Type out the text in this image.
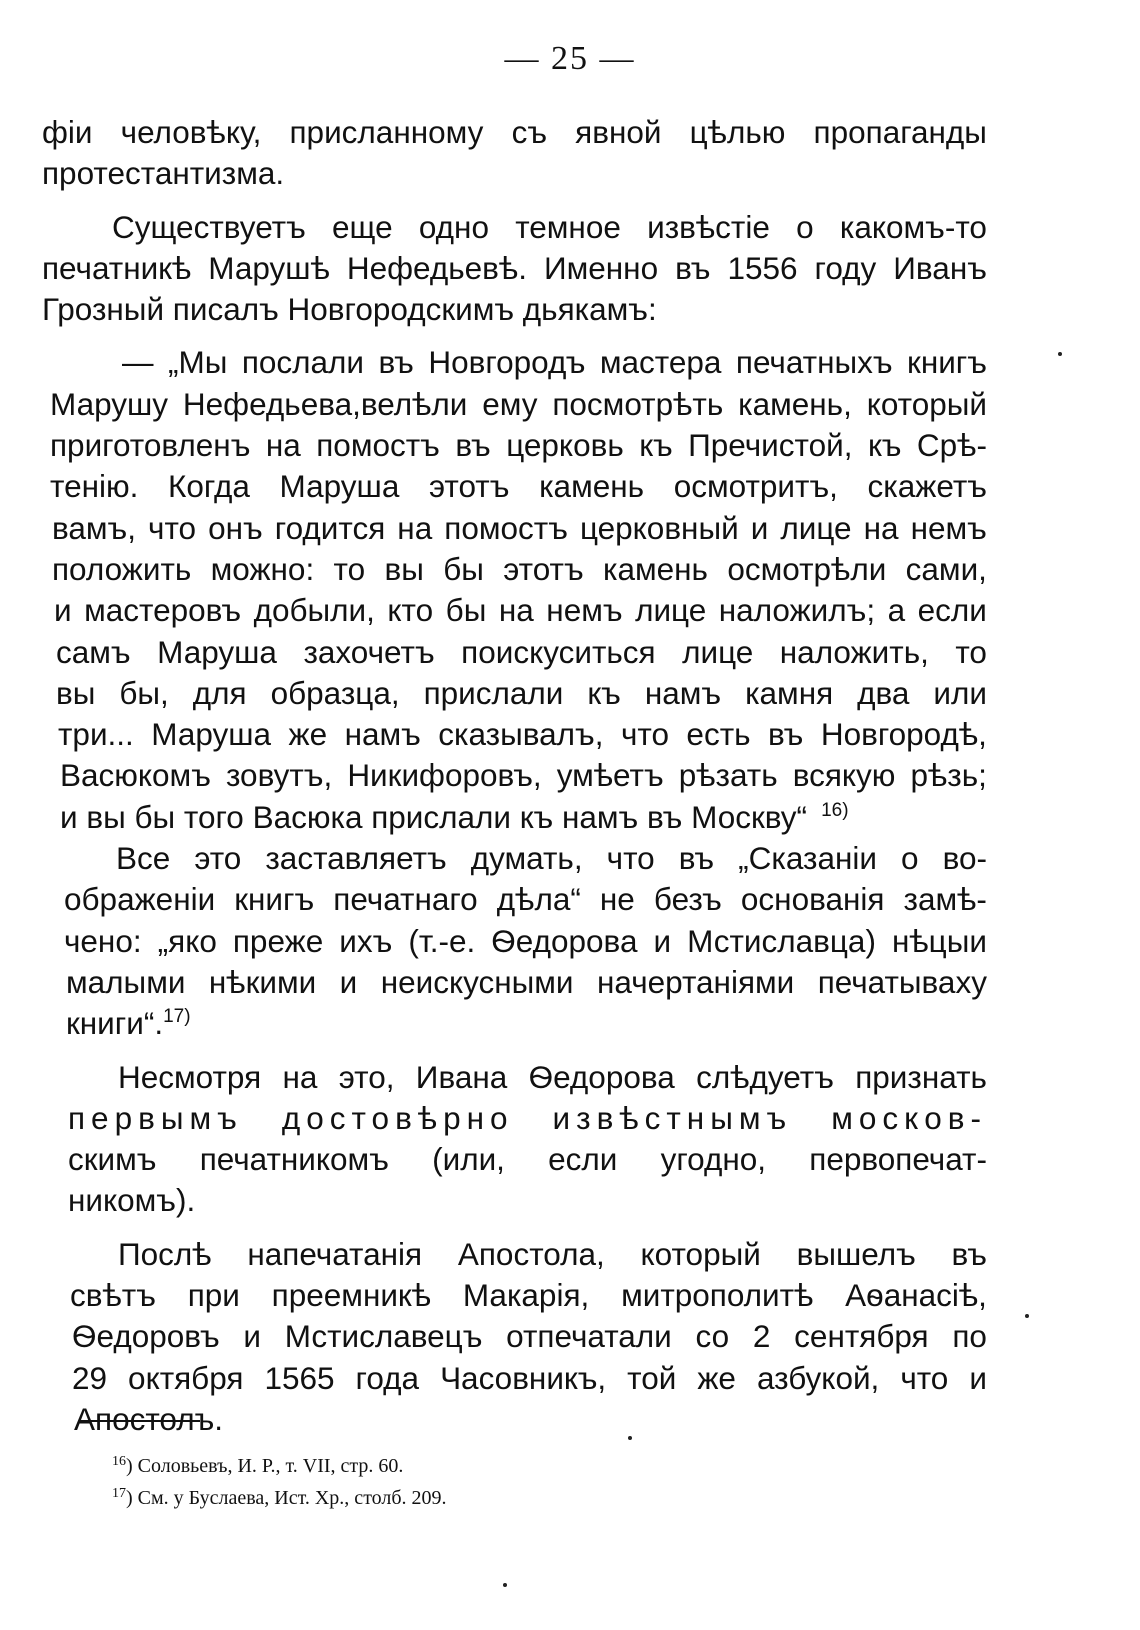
— 25 —
фіи человѣку, присланному съ явной цѣлью пропаганды
протестантизма.
Существуетъ еще одно темное извѣстіе о какомъ-то
печатникѣ Марушѣ Нефедьевѣ. Именно въ 1556 году Иванъ
Грозный писалъ Новгородскимъ дьякамъ:
— „Мы послали въ Новгородъ мастера печатныхъ книгъ
Марушу Нефедьева,велѣли ему посмотрѣть камень, который
приготовленъ на помостъ въ церковь къ Пречистой, къ Срѣ-
тенію. Когда Маруша этотъ камень осмотритъ, скажетъ
вамъ, что онъ годится на помостъ церковный и лице на немъ
положить можно: то вы бы этотъ камень осмотрѣли сами,
и мастеровъ добыли, кто бы на немъ лице наложилъ; а если
самъ Маруша захочетъ поискуситься лице наложить, то
вы бы, для образца, прислали къ намъ камня два или
три... Маруша же намъ сказывалъ, что есть въ Новгородѣ,
Васюкомъ зовутъ, Никифоровъ, умѣетъ рѣзать всякую рѣзь;
и вы бы того Васюка прислали къ намъ въ Москву“ 16)
Все это заставляетъ думать, что въ „Сказаніи о во-
ображеніи книгъ печатнаго дѣла“ не безъ основанія замѣ-
чено: „яко преже ихъ (т.-е. Ѳедорова и Мстиславца) нѣцыи
малыми нѣкими и неискусными начертаніями печатываху
книги“. 17)
Несмотря на это, Ивана Ѳедорова слѣдуетъ признать
первымъ достовѣрно извѣстнымъ москов-
скимъ печатникомъ (или, если угодно, первопечат-
никомъ).
Послѣ напечатанія Апостола, который вышелъ въ
свѣтъ при преемникѣ Макарія, митрополитѣ Аѳанасіѣ,
Ѳедоровъ и Мстиславецъ отпечатали со 2 сентября по
29 октября 1565 года Часовникъ, той же азбукой, что и
Апостолъ.
$^{16}$) Соловьевъ, И. Р., т. VII, стр. 60.
$^{17}$) См. у Буслаева, Ист. Хр., столб. 209.
